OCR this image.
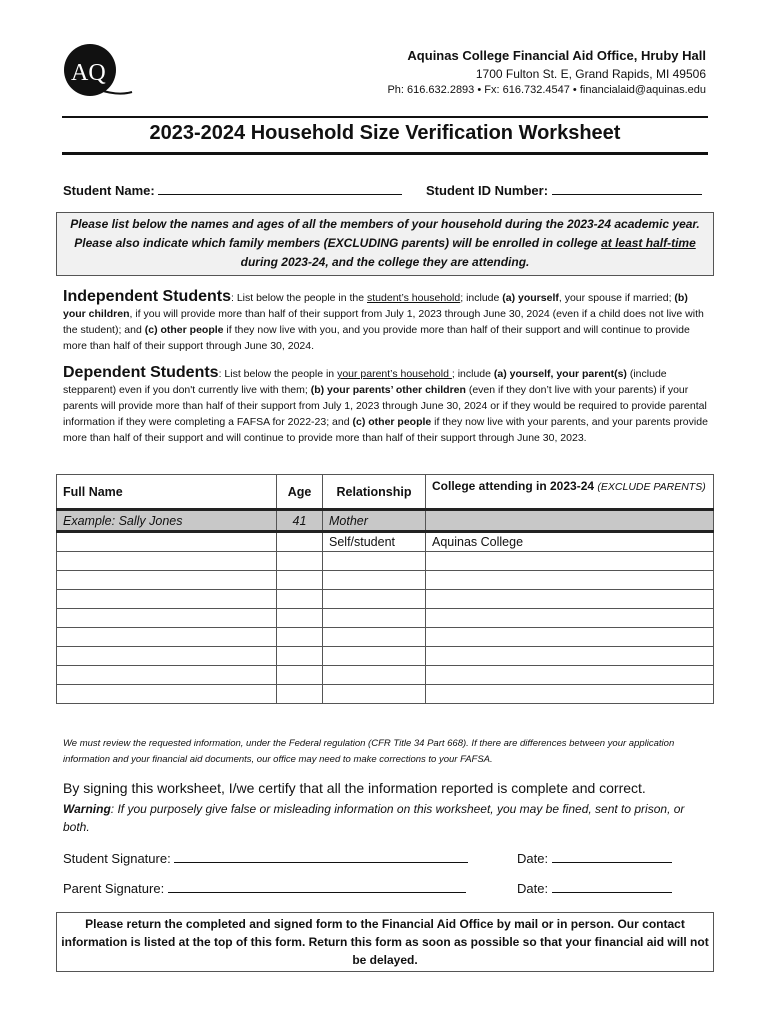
AQ
Aquinas College Financial Aid Office, Hruby Hall
1700 Fulton St. E, Grand Rapids, MI 49506
Ph: 616.632.2893 • Fx: 616.732.4547 • financialaid@aquinas.edu
2023-2024 Household Size Verification Worksheet
Student Name:	Student ID Number:
Please list below the names and ages of all the members of your household during the 2023-24 academic year.
Please also indicate which family members (EXCLUDING parents) will be enrolled in college at least half-time
during 2023-24, and the college they are attending.
Independent Students: List below the people in the student’s household; include (a) yourself, your spouse if married; (b) your children, if you will provide more than half of their support from July 1, 2023 through June 30, 2024 (even if a child does not live with the student); and (c) other people if they now live with you, and you provide more than half of their support and will continue to provide more than half of their support through June 30, 2024.
Dependent Students: List below the people in your parent’s household ; include (a) yourself, your parent(s) (include stepparent) even if you don't currently live with them; (b) your parents’ other children (even if they don’t live with your parents) if your parents will provide more than half of their support from July 1, 2023 through June 30, 2024 or if they would be required to provide parental information if they were completing a FAFSA for 2022-23; and (c) other people if they now live with your parents, and your parents provide more than half of their support and will continue to provide more than half of their support through June 30, 2023.
Full Name	Age	Relationship	College attending in 2023-24 (EXCLUDE PARENTS)
Example: Sally Jones	41	Mother	
		Self/student	Aquinas College

We must review the requested information, under the Federal regulation (CFR Title 34 Part 668). If there are differences between your application information and your financial aid documents, our office may need to make corrections to your FAFSA.
By signing this worksheet, I/we certify that all the information reported is complete and correct.
Warning: If you purposely give false or misleading information on this worksheet, you may be fined, sent to prison, or both.
Student Signature:	Date:
Parent Signature:	Date:
Please return the completed and signed form to the Financial Aid Office by mail or in person. Our contact information is listed at the top of this form. Return this form as soon as possible so that your financial aid will not be delayed.
